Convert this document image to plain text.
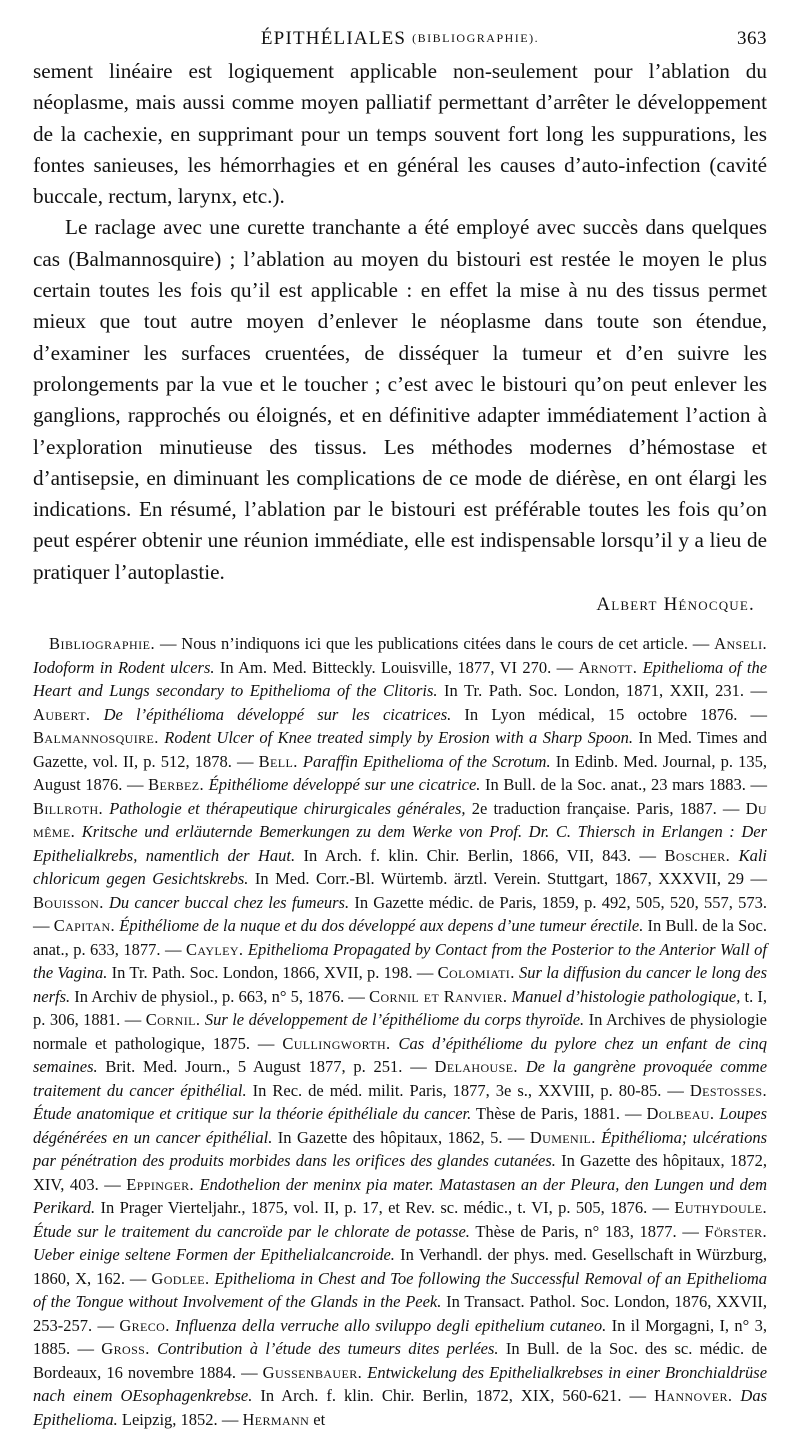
ÉPITHÉLIALES (BIBLIOGRAPHIE).	363

sement linéaire est logiquement applicable non-seulement pour l’ablation du néoplasme, mais aussi comme moyen palliatif permettant d’arrêter le développement de la cachexie, en supprimant pour un temps souvent fort long les suppurations, les fontes sanieuses, les hémorrhagies et en général les causes d’auto-infection (cavité buccale, rectum, larynx, etc.).

Le raclage avec une curette tranchante a été employé avec succès dans quelques cas (Balmannosquire) ; l’ablation au moyen du bistouri est restée le moyen le plus certain toutes les fois qu’il est applicable : en effet la mise à nu des tissus permet mieux que tout autre moyen d’enlever le néoplasme dans toute son étendue, d’examiner les surfaces cruentées, de disséquer la tumeur et d’en suivre les prolongements par la vue et le toucher ; c’est avec le bistouri qu’on peut enlever les ganglions, rapprochés ou éloignés, et en définitive adapter immédiatement l’action à l’exploration minutieuse des tissus. Les méthodes modernes d’hémostase et d’antisepsie, en diminuant les complications de ce mode de diérèse, en ont élargi les indications. En résumé, l’ablation par le bistouri est préférable toutes les fois qu’on peut espérer obtenir une réunion immédiate, elle est indispensable lorsqu’il y a lieu de pratiquer l’autoplastie.

Albert Hénocque.

Bibliographie. — Nous n’indiquons ici que les publications citées dans le cours de cet article. — Anseli. Iodoform in Rodent ulcers. In Am. Med. Bitteckly. Louisville, 1877, VI 270. — Arnott. Epithelioma of the Heart and Lungs secondary to Epithelioma of the Clitoris. In Tr. Path. Soc. London, 1871, XXII, 231. — Aubert. De l’épithélioma développé sur les cicatrices. In Lyon médical, 15 octobre 1876. — Balmannosquire. Rodent Ulcer of Knee treated simply by Erosion with a Sharp Spoon. In Med. Times and Gazette, vol. II, p. 512, 1878. — Bell. Paraffin Epithelioma of the Scrotum. In Edinb. Med. Journal, p. 135, August 1876. — Berbez. Épithéliome développé sur une cicatrice. In Bull. de la Soc. anat., 23 mars 1883. — Billroth. Pathologie et thérapeutique chirurgicales générales, 2e traduction française. Paris, 1887. — Du même. Kritsche und erläuternde Bemerkungen zu dem Werke von Prof. Dr. C. Thiersch in Erlangen : Der Epithelialkrebs, namentlich der Haut. In Arch. f. klin. Chir. Berlin, 1866, VII, 843. — Boscher. Kali chloricum gegen Gesichtskrebs. In Med. Corr.-Bl. Würtemb. ärztl. Verein. Stuttgart, 1867, XXXVII, 29 — Bouisson. Du cancer buccal chez les fumeurs. In Gazette médic. de Paris, 1859, p. 492, 505, 520, 557, 573. — Capitan. Épithéliome de la nuque et du dos développé aux depens d’une tumeur érectile. In Bull. de la Soc. anat., p. 633, 1877. — Cayley. Epithelioma Propagated by Contact from the Posterior to the Anterior Wall of the Vagina. In Tr. Path. Soc. London, 1866, XVII, p. 198. — Colomiati. Sur la diffusion du cancer le long des nerfs. In Archiv de physiol., p. 663, n° 5, 1876. — Cornil et Ranvier. Manuel d’histologie pathologique, t. I, p. 306, 1881. — Cornil. Sur le développement de l’épithéliome du corps thyroïde. In Archives de physiologie normale et pathologique, 1875. — Cullingworth. Cas d’épithéliome du pylore chez un enfant de cinq semaines. Brit. Med. Journ., 5 August 1877, p. 251. — Delahouse. De la gangrène provoquée comme traitement du cancer épithélial. In Rec. de méd. milit. Paris, 1877, 3e s., XXVIII, p. 80-85. — Destosses. Étude anatomique et critique sur la théorie épithéliale du cancer. Thèse de Paris, 1881. — Dolbeau. Loupes dégénérées en un cancer épithélial. In Gazette des hôpitaux, 1862, 5. — Dumenil. Épithélioma; ulcérations par pénétration des produits morbides dans les orifices des glandes cutanées. In Gazette des hôpitaux, 1872, XIV, 403. — Eppinger. Endothelion der meninx pia mater. Matastasen an der Pleura, den Lungen und dem Perikard. In Prager Vierteljahr., 1875, vol. II, p. 17, et Rev. sc. médic., t. VI, p. 505, 1876. — Euthydoule. Étude sur le traitement du cancroïde par le chlorate de potasse. Thèse de Paris, n° 183, 1877. — Förster. Ueber einige seltene Formen der Epithelialcancroide. In Verhandl. der phys. med. Gesellschaft in Würzburg, 1860, X, 162. — Godlee. Epithelioma in Chest and Toe following the Successful Removal of an Epithelioma of the Tongue without Involvement of the Glands in the Peek. In Transact. Pathol. Soc. London, 1876, XXVII, 253-257. — Greco. Influenza della verruche allo sviluppo degli epithelium cutaneo. In il Morgagni, I, n° 3, 1885. — Gross. Contribution à l’étude des tumeurs dites perlées. In Bull. de la Soc. des sc. médic. de Bordeaux, 16 novembre 1884. — Gussenbauer. Entwickelung des Epithelialkrebses in einer Bronchialdrüse nach einem OEsophagenkrebse. In Arch. f. klin. Chir. Berlin, 1872, XIX, 560-621. — Hannover. Das Epithelioma. Leipzig, 1852. — Hermann et
